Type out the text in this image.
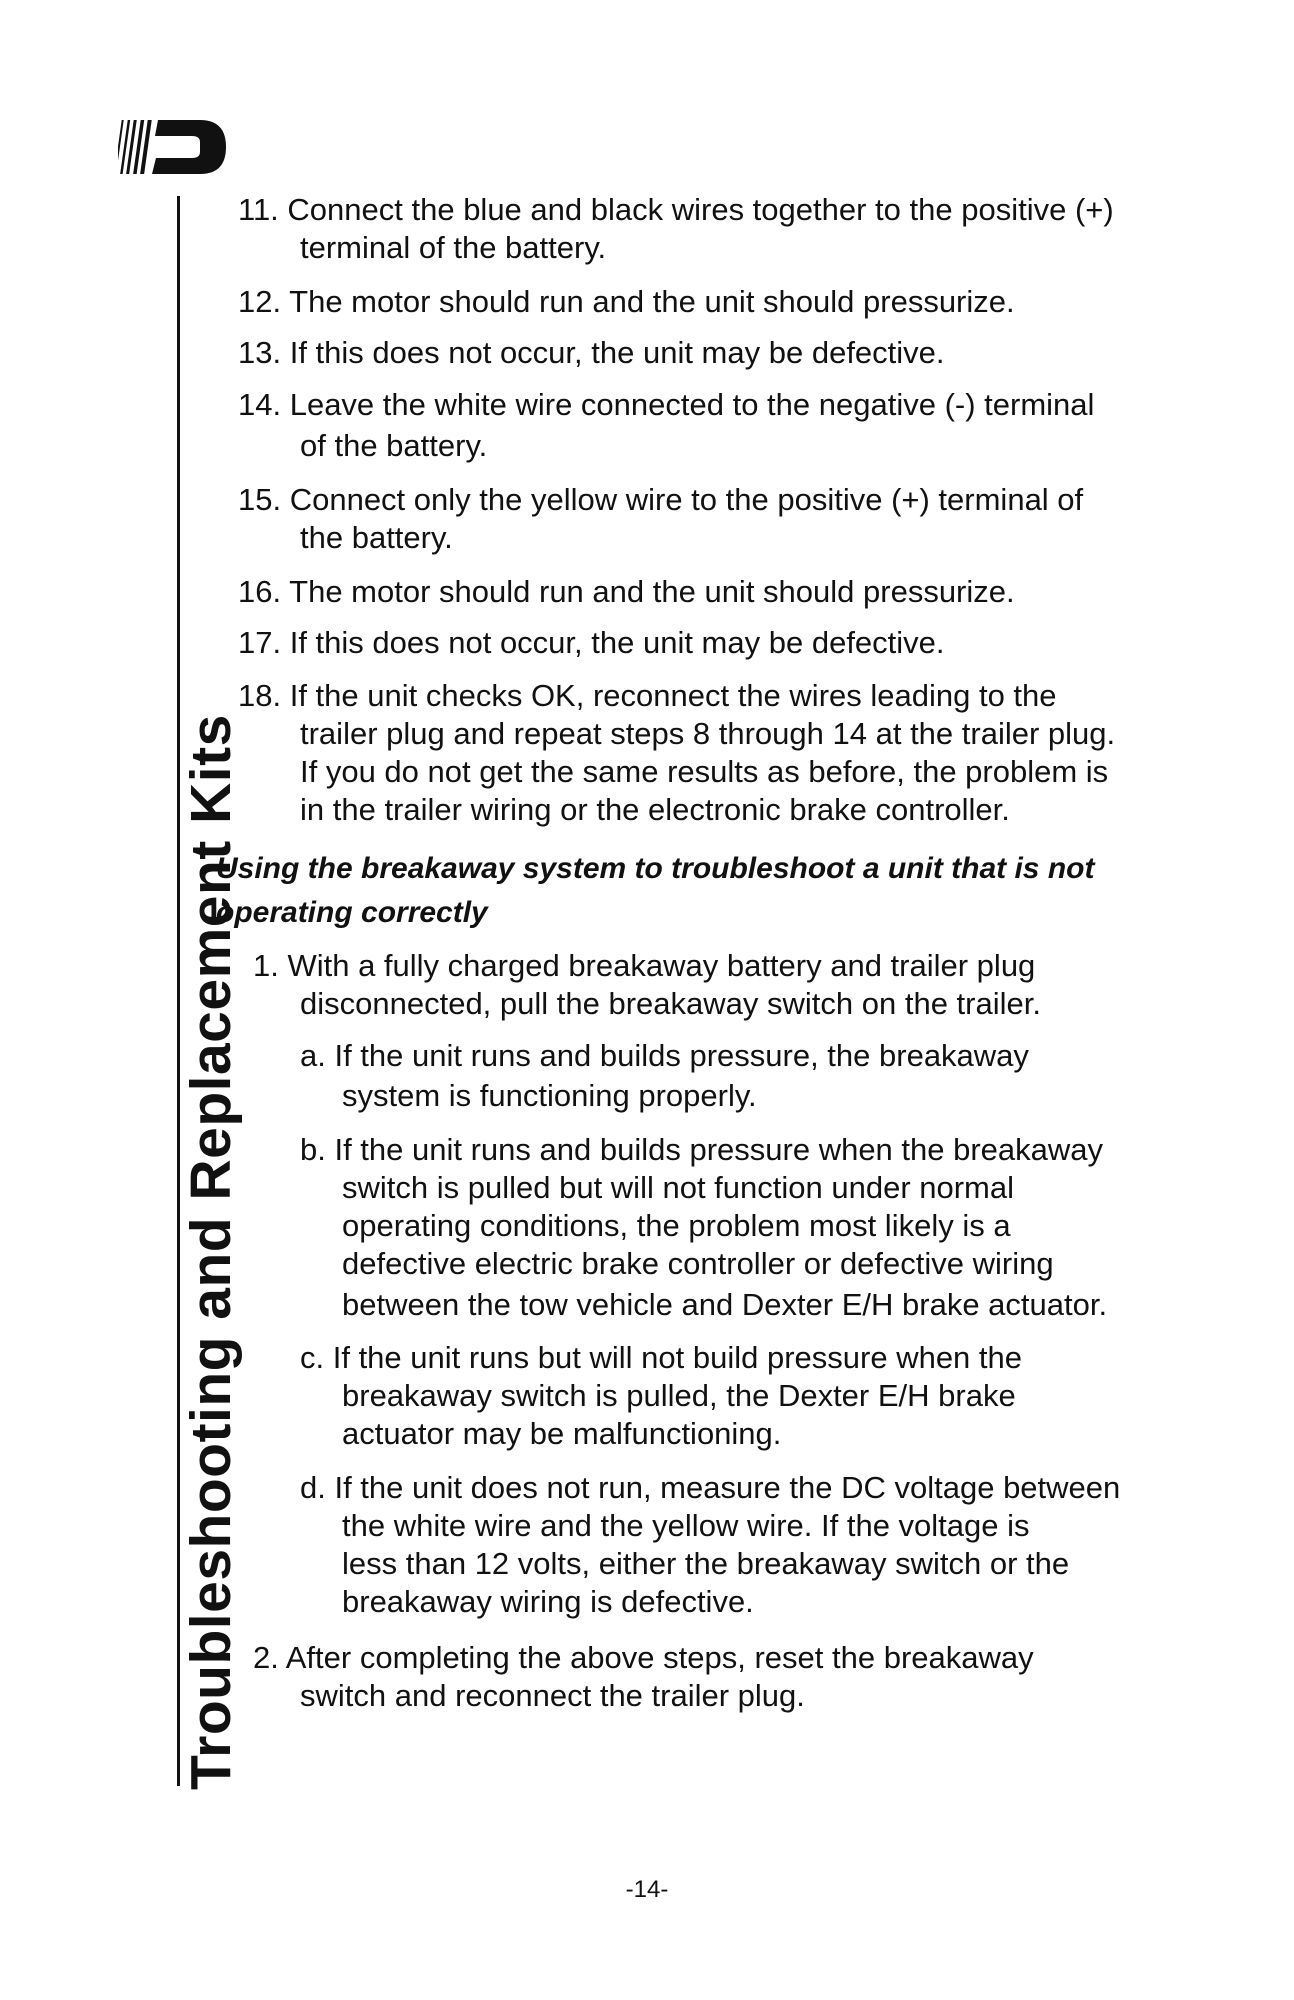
Troubleshooting and Replacement Kits
11. Connect the blue and black wires together to the positive (+)
terminal of the battery.
12. The motor should run and the unit should pressurize.
13. If this does not occur, the unit may be defective.
14. Leave the white wire connected to the negative (-) terminal
of the battery.
15. Connect only the yellow wire to the positive (+) terminal of
the battery.
16. The motor should run and the unit should pressurize.
17. If this does not occur, the unit may be defective.
18. If the unit checks OK, reconnect the wires leading to the
trailer plug and repeat steps 8 through 14 at the trailer plug.
If you do not get the same results as before, the problem is
in the trailer wiring or the electronic brake controller.
Using the breakaway system to troubleshoot a unit that is not
operating correctly
1. With a fully charged breakaway battery and trailer plug
disconnected, pull the breakaway switch on the trailer.
a. If the unit runs and builds pressure, the breakaway
system is functioning properly.
b. If the unit runs and builds pressure when the breakaway
switch is pulled but will not function under normal
operating conditions, the problem most likely is a
defective electric brake controller or defective wiring
between the tow vehicle and Dexter E/H brake actuator.
c. If the unit runs but will not build pressure when the
breakaway switch is pulled, the Dexter E/H brake
actuator may be malfunctioning.
d. If the unit does not run, measure the DC voltage between
the white wire and the yellow wire. If the voltage is
less than 12 volts, either the breakaway switch or the
breakaway wiring is defective.
2. After completing the above steps, reset the breakaway
switch and reconnect the trailer plug.
-14-
